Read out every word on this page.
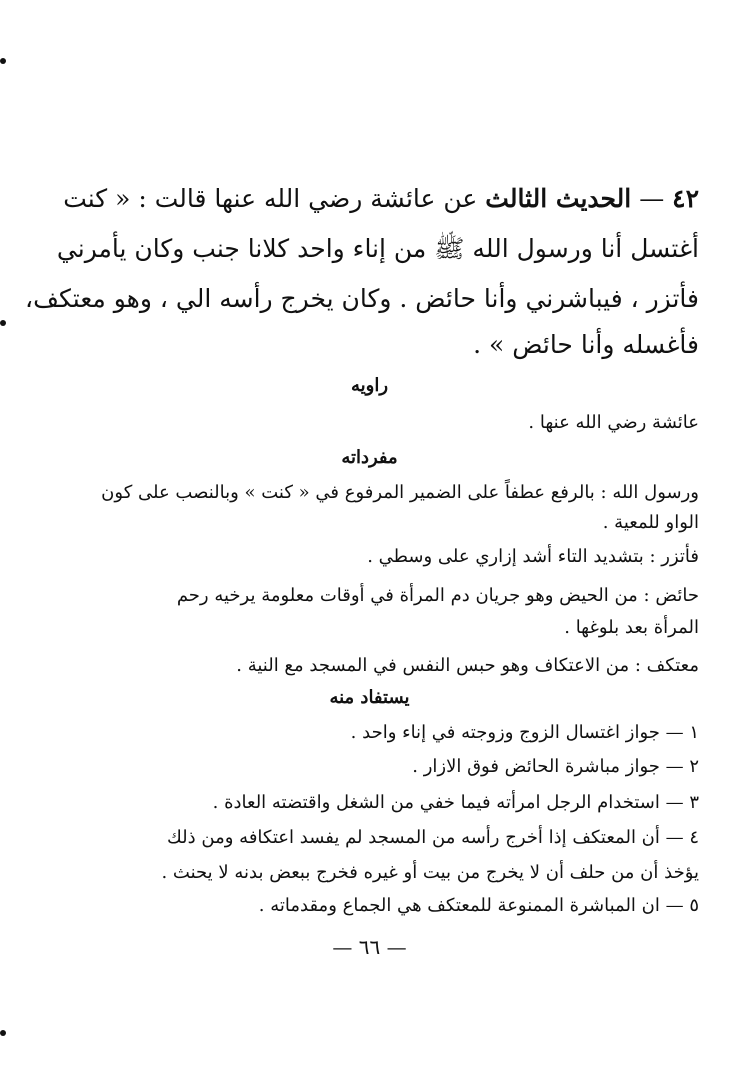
٤٢ — الحديث الثالث عن عائشة رضي الله عنها قالت : « كنت
أغتسل أنا ورسول الله ﷺ من إناء واحد كلانا جنب وكان يأمرني
فأتزر ، فيباشرني وأنا حائض . وكان يخرج رأسه الي ، وهو معتكف،
فأغسله وأنا حائض » .
راويه
عائشة رضي الله عنها .
مفرداته
ورسول الله : بالرفع عطفاً على الضمير المرفوع في « كنت » وبالنصب على كون
الواو للمعية .
فأتزر : بتشديد التاء أشد إزاري على وسطي .
حائض : من الحيض وهو جريان دم المرأة في أوقات معلومة يرخيه رحم
المرأة بعد بلوغها .
معتكف : من الاعتكاف وهو حبس النفس في المسجد مع النية .
يستفاد منه
١ — جواز اغتسال الزوج وزوجته في إناء واحد .
٢ — جواز مباشرة الحائض فوق الازار .
٣ — استخدام الرجل امرأته فيما خفي من الشغل واقتضته العادة .
٤ — أن المعتكف إذا أخرج رأسه من المسجد لم يفسد اعتكافه ومن ذلك
يؤخذ أن من حلف أن لا يخرج من بيت أو غيره فخرج ببعض بدنه لا يحنث .
٥ — ان المباشرة الممنوعة للمعتكف هي الجماع ومقدماته .
— ٦٦ —
